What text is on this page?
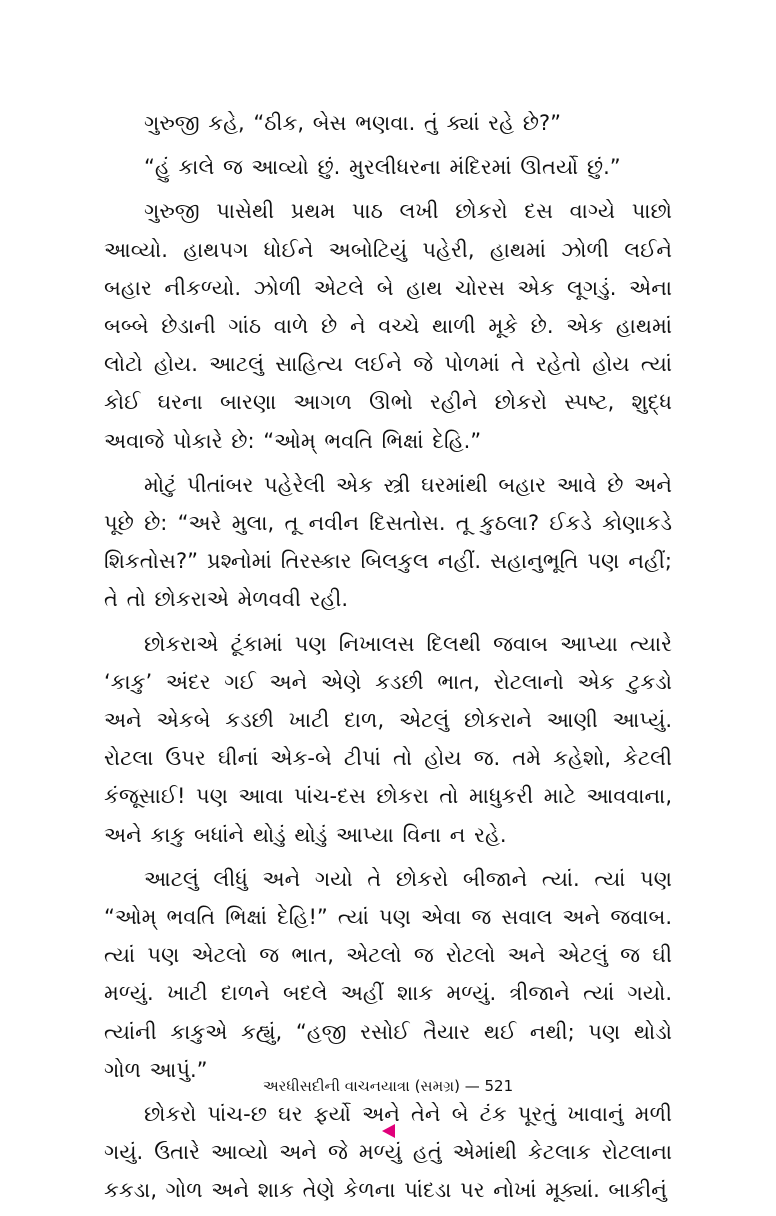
ગુરુજી કહે, “ઠીક, બેસ ભણવા. તું ક્યાં રહે છે?”

“હું કાલે જ આવ્યો છું. મુરલીધરના મંદિરમાં ઊતર્યો છું.”

ગુરુજી પાસેથી પ્રથમ પાઠ લખી છોકરો દસ વાગ્યે પાછો આવ્યો. હાથપગ ધોઈને અબોટિયું પહેરી, હાથમાં ઝોળી લઈને બહાર નીકળ્યો. ઝોળી એટલે બે હાથ ચોરસ એક લૂગડું. એના બબ્બે છેડાની ગાંઠ વાળે છે ને વચ્ચે થાળી મૂકે છે. એક હાથમાં લોટો હોય. આટલું સાહિત્ય લઈને જે પોળમાં તે રહેતો હોય ત્યાં કોઈ ઘરના બારણા આગળ ઊભો રહીને છોકરો સ્પષ્ટ, શુદ્ધ અવાજે પોકારે છે: “ઓમ્ ભવતિ ભિક્ષાં દેહિ.”

મોટું પીતાંબર પહેરેલી એક સ્ત્રી ઘરમાંથી બહાર આવે છે અને પૂછે છે: “અરે મુલા, તૂ નવીન દિસતોસ. તૂ કુઠલા? ઈકડે કોણાકડે શિકતોસ?” પ્રશ્નોમાં તિરસ્કાર બિલકુલ નહીં. સહાનુભૂતિ પણ નહીં; તે તો છોકરાએ મેળવવી રહી.

છોકરાએ ટૂંકામાં પણ નિખાલસ દિલથી જવાબ આપ્યા ત્યારે ‘કાકુ’ અંદર ગઈ અને એણે કડછી ભાત, રોટલાનો એક ટુકડો અને એકબે કડછી ખાટી દાળ, એટલું છોકરાને આણી આપ્યું. રોટલા ઉપર ઘીનાં એક-બે ટીપાં તો હોય જ. તમે કહેશો, કેટલી કંજૂસાઈ! પણ આવા પાંચ-દસ છોકરા તો માધુકરી માટે આવવાના, અને કાકુ બધાંને થોડું થોડું આપ્યા વિના ન રહે.

આટલું લીધું અને ગયો તે છોકરો બીજાને ત્યાં. ત્યાં પણ “ઓમ્ ભવતિ ભિક્ષાં દેહિ!” ત્યાં પણ એવા જ સવાલ અને જવાબ. ત્યાં પણ એટલો જ ભાત, એટલો જ રોટલો અને એટલું જ ઘી મળ્યું. ખાટી દાળને બદલે અહીં શાક મળ્યું. ત્રીજાને ત્યાં ગયો. ત્યાંની કાકુએ કહ્યું, “હજી રસોઈ તૈયાર થઈ નથી; પણ થોડો ગોળ આપું.”

છોકરો પાંચ-છ ઘર ફર્યો અને તેને બે ટંક પૂરતું ખાવાનું મળી ગયું. ઉતારે આવ્યો અને જે મળ્યું હતું એમાંથી કેટલાક રોટલાના કકડા, ગોળ અને શાક તેણે કેળના પાંદડા પર નોખાં મૂક્યાં. બાકીનું

અરધીસદીની વાચનયાત્રા (સમગ્ર) — 521
